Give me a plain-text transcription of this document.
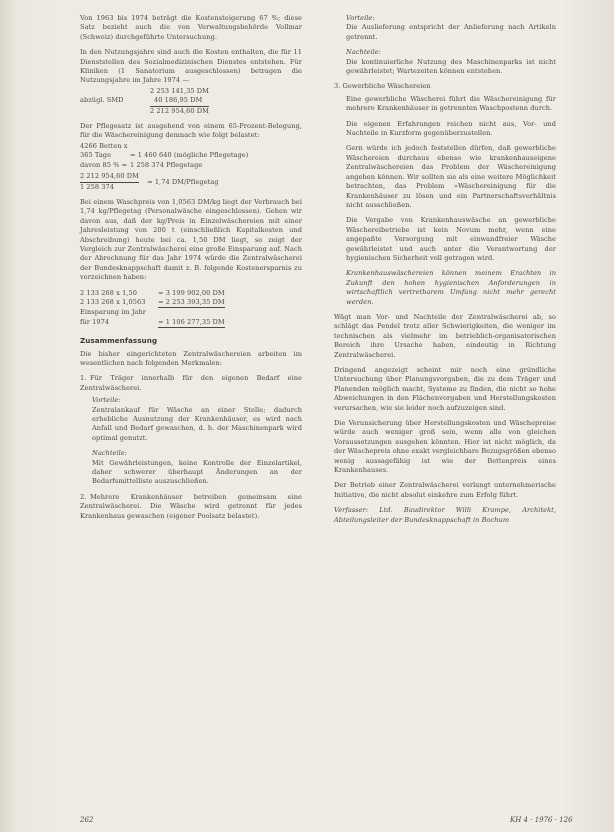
Von 1963 bis 1974 beträgt die Kostensteigerung 67 %; diese Satz bezieht auch die von Verwaltungsbehörde Vollmar (Schweiz) durchgeführte Untersuchung.

In den Nutzungsjahre sind auch die Kosten enthalten, die für 11 Dienststellen des Sozialmedizinischen Dienstes entstehen. Für Kliniken (1 Sanatorium ausgeschlossen) betragen die Nutzungsjahre im Jahre 1974 —

2 253 141,35 DM
abzügl. SMD	40 186,95 DM
2 212 954,60 DM

Der Pflegesatz ist ausgehend von einem 65-Prozent-Belegung, für die Wäschereinigung demnach wie folgt belastet:

4266 Betten x
365 Tage	= 1 460 640 (mögliche Pflegetage)
davon 85 % = 1 258 374 Pflegetage
$\frac{2 212 954,60 DM}{1 258 374} = 1,74$ DM/Pflegetag

Bei einem Waschpreis von 1,0563 DM/kg liegt der Verbrauch bei 1,74 kg/Pflegetag (Personalwäsche eingeschlossen). Gehen wir davon aus, daß der kg/Preis in Einzelwäschereien mit einer Jahresleistung von 200 t (einschließlich Kapitalkosten und Abschreibung) heute bei ca. 1,50 DM liegt, so zeigt der Vergleich zur Zentralwäscherei eine große Einsparung auf. Nach der Abrechnung für das Jahr 1974 würde die Zentralwäscherei der Bundesknappschaft damit z. B. folgende Kostenersparnis zu verzeichnen haben:

2 133 268 x 1,50	= 3 199 902,00 DM
2 133 268 x 1,0563 = 2 253 393,35 DM
Einsparung im Jahr
für 1974	= 1 106 277,35 DM
Zusammenfassung

Die bisher eingerichteten Zentralwäschereien arbeiten im wesentlichen nach folgenden Merkmalen:

1. Für Träger innerhalb für den eigenen Bedarf eine Zentralwäscherei.

Vorteile:

Zentralankauf für Wäsche an einer Stelle; dadurch erhebliche Ausnutzung der Krankenhäuser, es wird nach Anfall und Bedarf gewaschen, d. h. der Maschinenpark wird optimal genutzt.

Nachteile:

Mit Gewährleistungen, keine Kontrolle der Einzelartikel, daher schwerer überhaupt Änderungen an der Bedarfsmittelliste auszuschließen.

2. Mehrere Krankenhäuser betreiben gemeinsam eine Zentralwäscherei. Die Wäsche wird getrennt für jedes Krankenhaus gewaschen (eigener Poolsatz belastet).

Vorteile:

Die Auslieferung entspricht der Anlieferung nach Artikeln getrennt.

Nachteile:

Die kontinuierliche Nutzung des Maschinenparks ist nicht gewährleistet; Wartezeiten können entstehen.

3. Gewerbliche Wäschereien

Eine gewerbliche Wäscherei führt die Wäschereinigung für mehrere Krankenhäuser in getrennten Waschpostenn durch.

Die eigenen Erfahrungen reichen nicht aus, Vor- und Nachteile in Kurzform gegenüberzustellen.

Gern würde ich jedoch feststellen dürfen, daß gewerbliche Wäschereien durchaus ebenso wie krankenhauseigene Zentralwäschereien das Problem der Wäschereinigung angehen können. Wir sollten sie als eine weitere Möglichkeit betrachten, das Problem »Wäschereinigung für die Krankenhäuser zu lösen und ein Partnerschaftsverhältnis nicht ausschließen.

Die Vergabe von Krankenhauswäsche an gewerbliche Wäschereibetriebe ist kein Novum mehr, wenn eine angepaßte Versorgung mit einwandfreier Wäsche gewährleistet und auch unter die Verantwortung der hygienischen Sicherheit voll getragen wird.

Krankenhauswäschereien können meinem Erachten in Zukunft den hohen hygienischen Anforderungen in wirtschaftlich vertretbarem Umfang nicht mehr gerecht werden.

Wägt man Vor- und Nachteile der Zentralwäscherei ab, so schlägt das Pendel trotz aller Schwierigkeiten, die weniger im technischen als vielmehr im betrieblich-organisatorischen Bereich ihre Ursache haben, eindeutig in Richtung Zentralwäscherei.

Dringend angezeigt scheint mir noch eine gründliche Untersuchung über Planungsvorgaben, die zu dem Träger und Planenden möglich macht, Systeme zu finden, die nicht so hohe Abweichungen in den Flächenvorgaben und Herstellungskosten verursachen, wie sie leider noch aufzuzeigen sind.

Die Verunsicherung über Herstellungskosten und Wäschepreise würde auch weniger groß sein, wenn alle von gleichen Voraussetzungen ausgehen könnten. Hier ist nicht möglich, da der Wäschepreis ohne exakt vergleichbare Bezugsgrößen ebenso wenig aussagefähig ist wie der Bettenpreis eines Krankenhauses.

Der Betrieb einer Zentralwäscherei verlangt unternehmerische Initiative, die nicht absolut einkehre zum Erfolg führt.

Verfasser: Ltd. Baudirektor Willi Krampe, Architekt, Abteilungsleiter der Bundesknappschaft in Bochum

262	KH 4 · 1976 · 126
